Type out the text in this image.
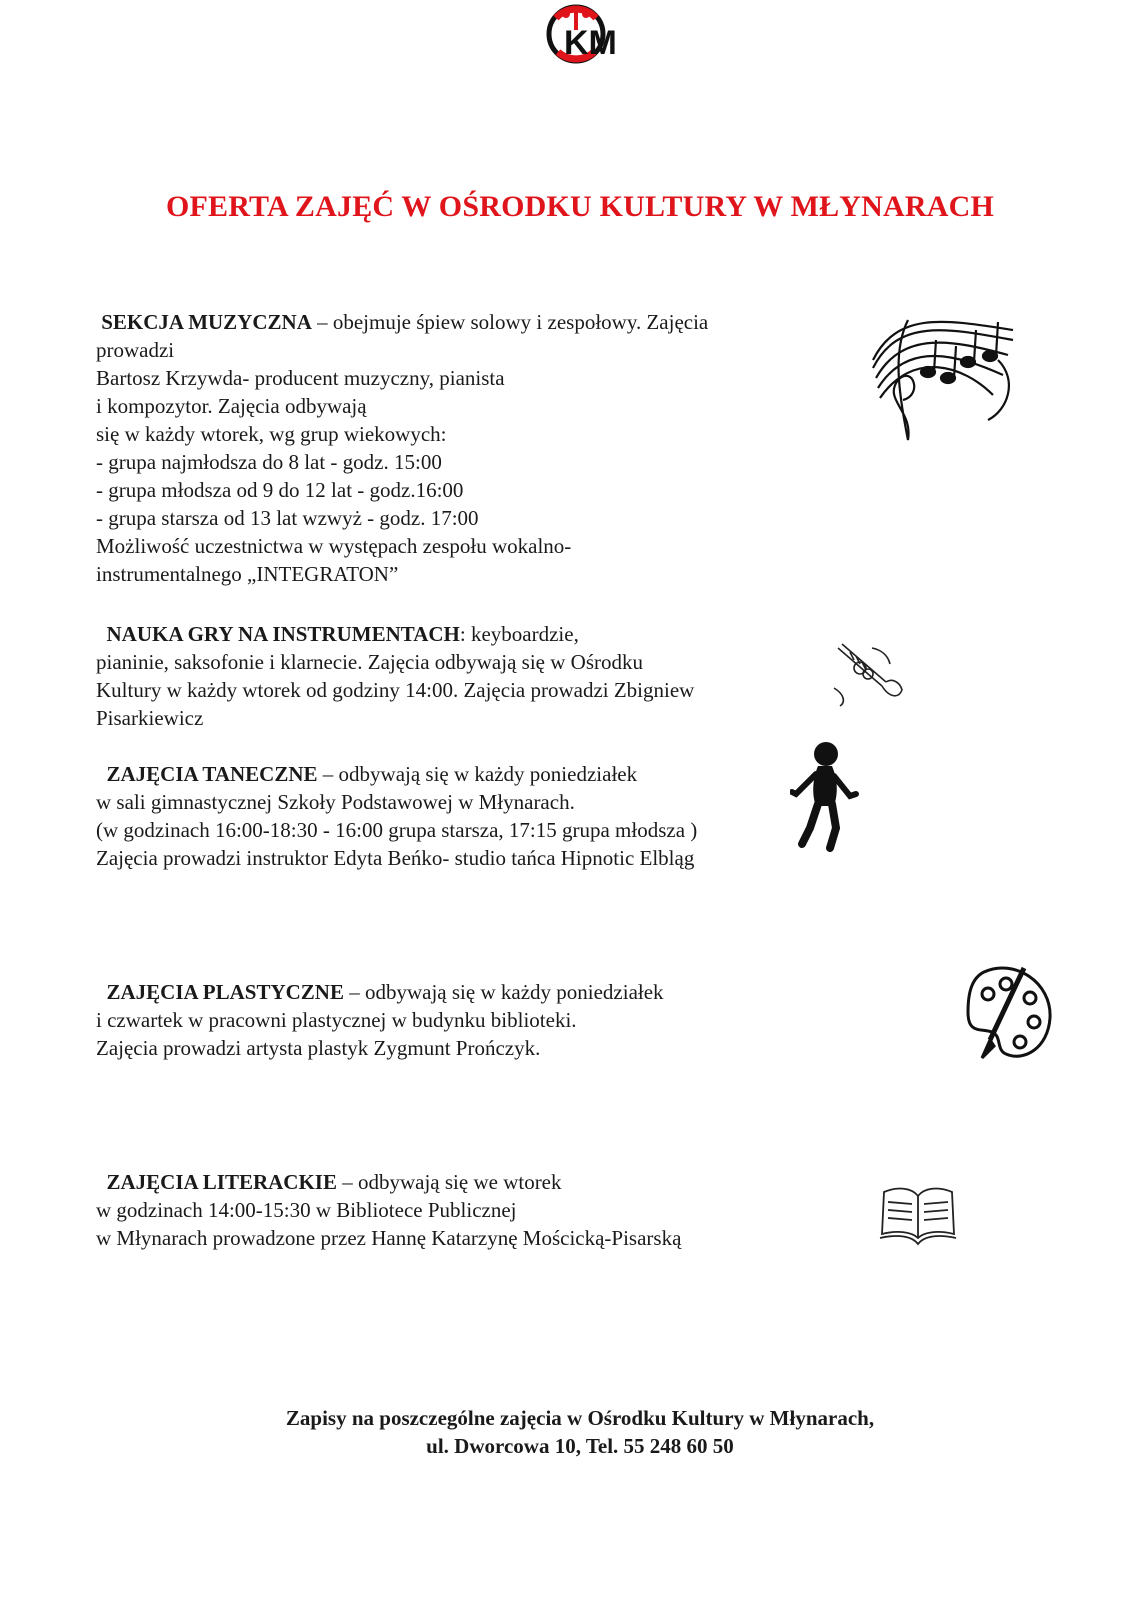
KM
OFERTA ZAJĘĆ W OŚRODKU KULTURY W MŁYNARACH
SEKCJA MUZYCZNA – obejmuje śpiew solowy i zespołowy. Zajęcia
prowadzi
Bartosz Krzywda- producent muzyczny, pianista
i kompozytor. Zajęcia odbywają
się w każdy wtorek, wg grup wiekowych:
- grupa najmłodsza do 8 lat - godz. 15:00
- grupa młodsza od 9 do 12 lat - godz.16:00
- grupa starsza od 13 lat wzwyż - godz. 17:00
Możliwość uczestnictwa w występach zespołu wokalno-
instrumentalnego „INTEGRATON”
NAUKA GRY NA INSTRUMENTACH: keyboardzie,
pianinie, saksofonie i klarnecie. Zajęcia odbywają się w Ośrodku
Kultury w każdy wtorek od godziny 14:00. Zajęcia prowadzi Zbigniew
Pisarkiewicz
ZAJĘCIA TANECZNE – odbywają się w każdy poniedziałek
w sali gimnastycznej Szkoły Podstawowej w Młynarach.
(w godzinach 16:00-18:30 - 16:00 grupa starsza, 17:15 grupa młodsza )
Zajęcia prowadzi instruktor Edyta Beńko- studio tańca Hipnotic Elbląg
ZAJĘCIA PLASTYCZNE – odbywają się w każdy poniedziałek
i czwartek w pracowni plastycznej w budynku biblioteki.
Zajęcia prowadzi artysta plastyk Zygmunt Prończyk.
ZAJĘCIA LITERACKIE – odbywają się we wtorek
w godzinach 14:00-15:30 w Bibliotece Publicznej
w Młynarach prowadzone przez Hannę Katarzynę Mościcką-Pisarską
Zapisy na poszczególne zajęcia w Ośrodku Kultury w Młynarach,
ul. Dworcowa 10, Tel. 55 248 60 50
